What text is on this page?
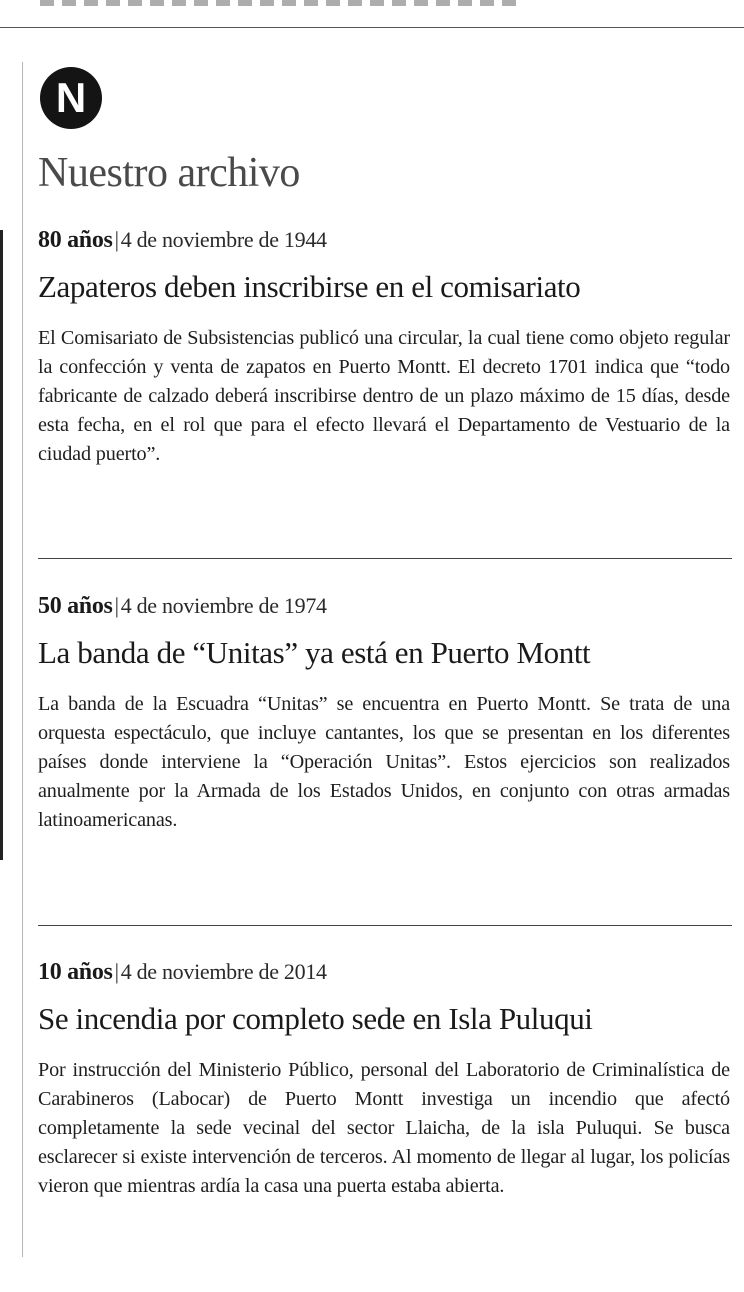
N
Nuestro archivo
80 años|4 de noviembre de 1944
Zapateros deben inscribirse en el comisariato

El Comisariato de Subsistencias publicó una circular, la cual tiene como objeto regular la confección y venta de zapatos en Puerto Montt. El decreto 1701 indica que “todo fabricante de calzado deberá inscribirse dentro de un plazo máximo de 15 días, desde esta fecha, en el rol que para el efecto llevará el Departamento de Vestuario de la ciudad puerto”.

50 años|4 de noviembre de 1974
La banda de “Unitas” ya está en Puerto Montt

La banda de la Escuadra “Unitas” se encuentra en Puerto Montt. Se trata de una orquesta espectáculo, que incluye cantantes, los que se presentan en los diferentes países donde interviene la “Operación Unitas”. Estos ejercicios son realizados anualmente por la Armada de los Estados Unidos, en conjunto con otras armadas latinoamericanas.

10 años|4 de noviembre de 2014
Se incendia por completo sede en Isla Puluqui

Por instrucción del Ministerio Público, personal del Laboratorio de Criminalística de Carabineros (Labocar) de Puerto Montt investiga un incendio que afectó completamente la sede vecinal del sector Llaicha, de la isla Puluqui. Se busca esclarecer si existe intervención de terceros. Al momento de llegar al lugar, los policías vieron que mientras ardía la casa una puerta estaba abierta.
